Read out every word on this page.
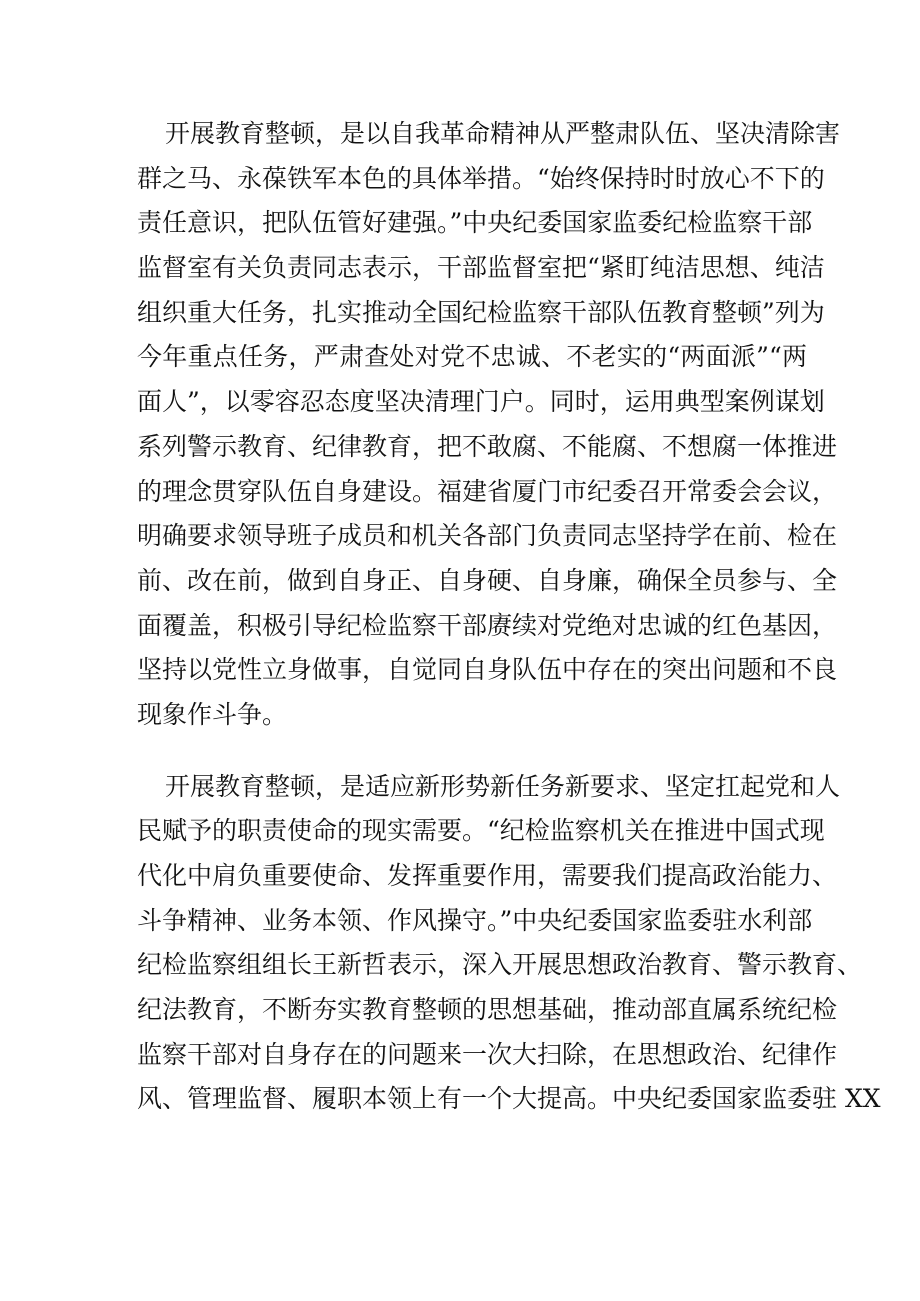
开展教育整顿，是以自我革命精神从严整肃队伍、坚决清除害
群之马、永葆铁军本色的具体举措。“始终保持时时放心不下的
责任意识，把队伍管好建强。”中央纪委国家监委纪检监察干部
监督室有关负责同志表示，干部监督室把“紧盯纯洁思想、纯洁
组织重大任务，扎实推动全国纪检监察干部队伍教育整顿”列为
今年重点任务，严肃查处对党不忠诚、不老实的“两面派”“两
面人”，以零容忍态度坚决清理门户。同时，运用典型案例谋划
系列警示教育、纪律教育，把不敢腐、不能腐、不想腐一体推进
的理念贯穿队伍自身建设。福建省厦门市纪委召开常委会会议，
明确要求领导班子成员和机关各部门负责同志坚持学在前、检在
前、改在前，做到自身正、自身硬、自身廉，确保全员参与、全
面覆盖，积极引导纪检监察干部赓续对党绝对忠诚的红色基因，
坚持以党性立身做事，自觉同自身队伍中存在的突出问题和不良
现象作斗争。

开展教育整顿，是适应新形势新任务新要求、坚定扛起党和人
民赋予的职责使命的现实需要。“纪检监察机关在推进中国式现
代化中肩负重要使命、发挥重要作用，需要我们提高政治能力、
斗争精神、业务本领、作风操守。”中央纪委国家监委驻水利部
纪检监察组组长王新哲表示，深入开展思想政治教育、警示教育、
纪法教育，不断夯实教育整顿的思想基础，推动部直属系统纪检
监察干部对自身存在的问题来一次大扫除，在思想政治、纪律作
风、管理监督、履职本领上有一个大提高。中央纪委国家监委驻 XX
